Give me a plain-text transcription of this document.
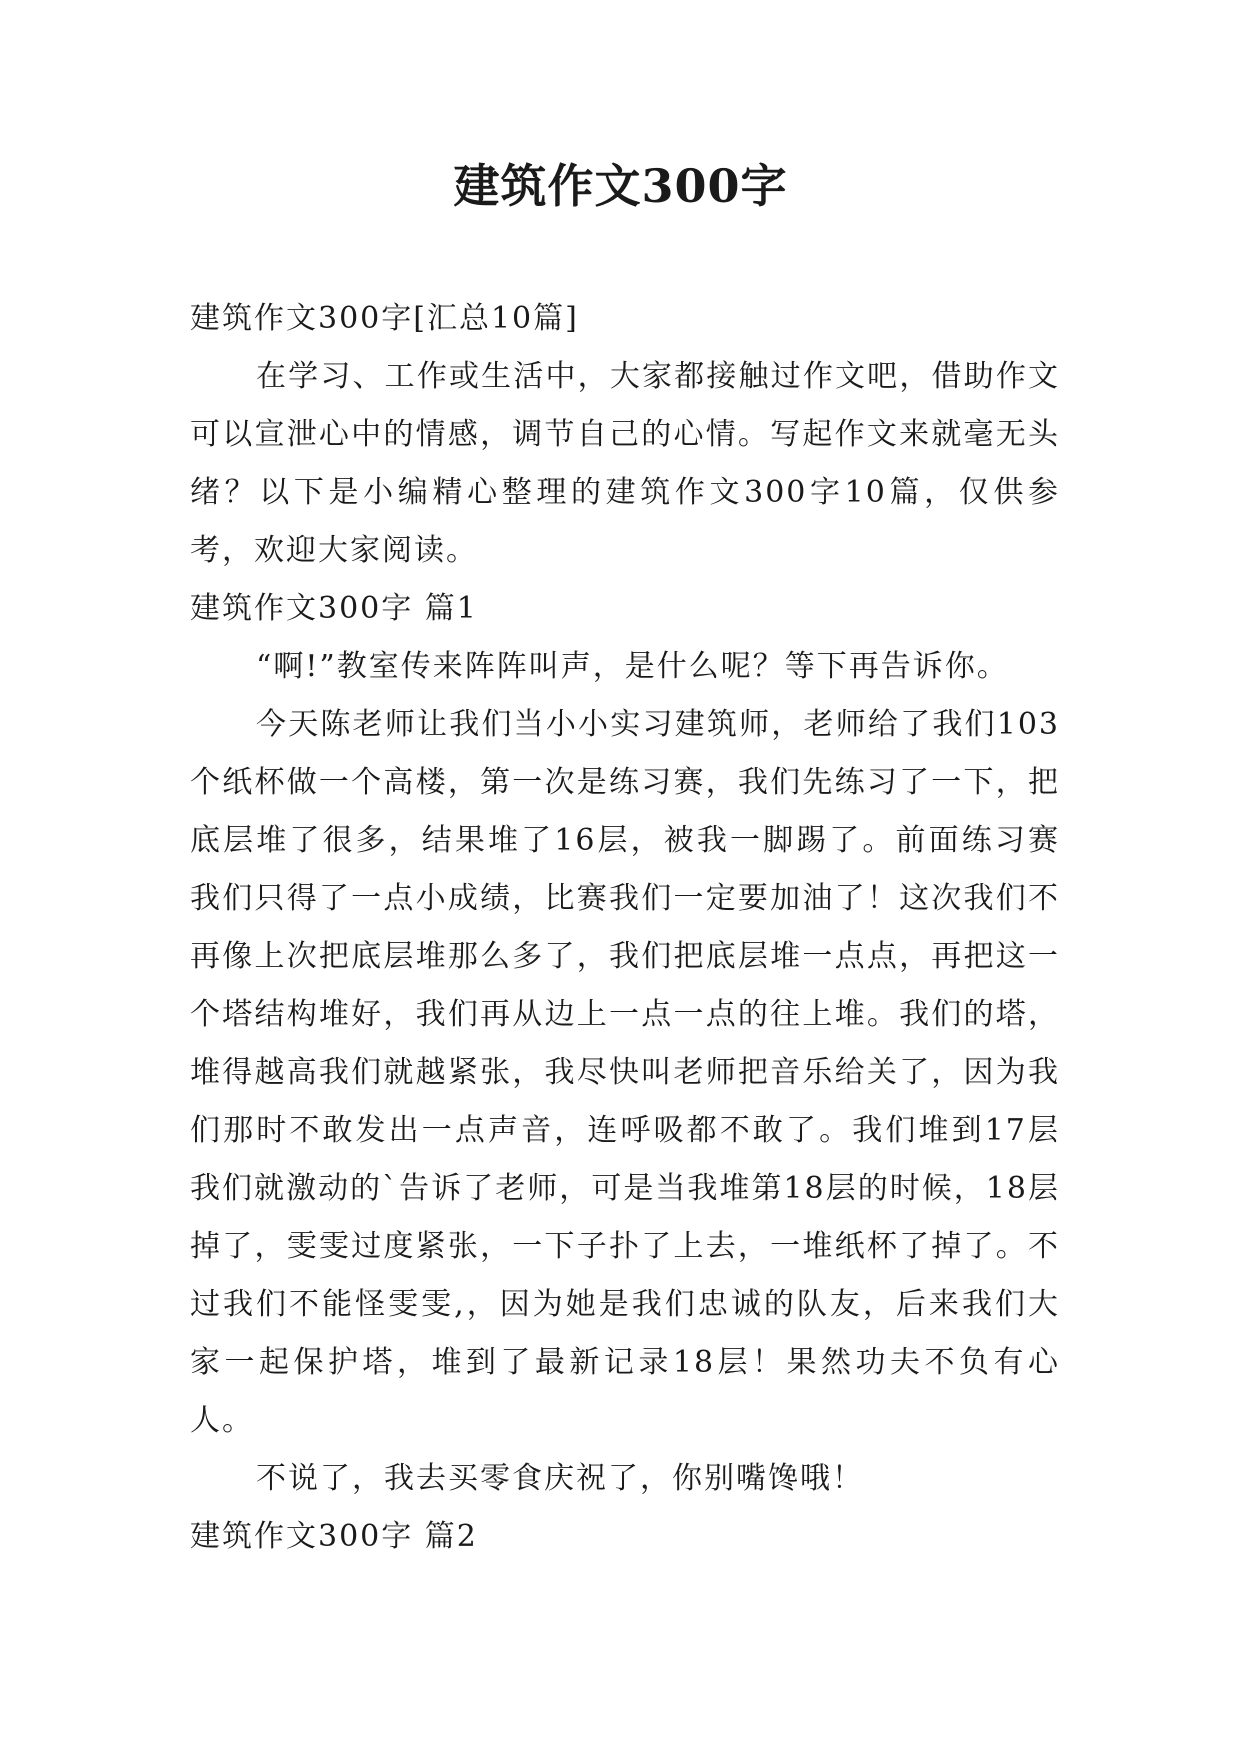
建筑作文300字

建筑作文300字[汇总10篇]

在学习、工作或生活中，大家都接触过作文吧，借助作文可以宣泄心中的情感，调节自己的心情。写起作文来就毫无头绪？以下是小编精心整理的建筑作文300字10篇，仅供参考，欢迎大家阅读。

建筑作文300字 篇1

“啊!”教室传来阵阵叫声，是什么呢？等下再告诉你。

今天陈老师让我们当小小实习建筑师，老师给了我们103个纸杯做一个高楼，第一次是练习赛，我们先练习了一下，把底层堆了很多，结果堆了16层，被我一脚踢了。前面练习赛我们只得了一点小成绩，比赛我们一定要加油了！这次我们不再像上次把底层堆那么多了，我们把底层堆一点点，再把这一个塔结构堆好，我们再从边上一点一点的往上堆。我们的塔，堆得越高我们就越紧张，我尽快叫老师把音乐给关了，因为我们那时不敢发出一点声音，连呼吸都不敢了。我们堆到17层我们就激动的`告诉了老师，可是当我堆第18层的时候，18层掉了，雯雯过度紧张，一下子扑了上去，一堆纸杯了掉了。不过我们不能怪雯雯,，因为她是我们忠诚的队友，后来我们大家一起保护塔，堆到了最新记录18层！果然功夫不负有心人。

不说了，我去买零食庆祝了，你别嘴馋哦！

建筑作文300字 篇2
